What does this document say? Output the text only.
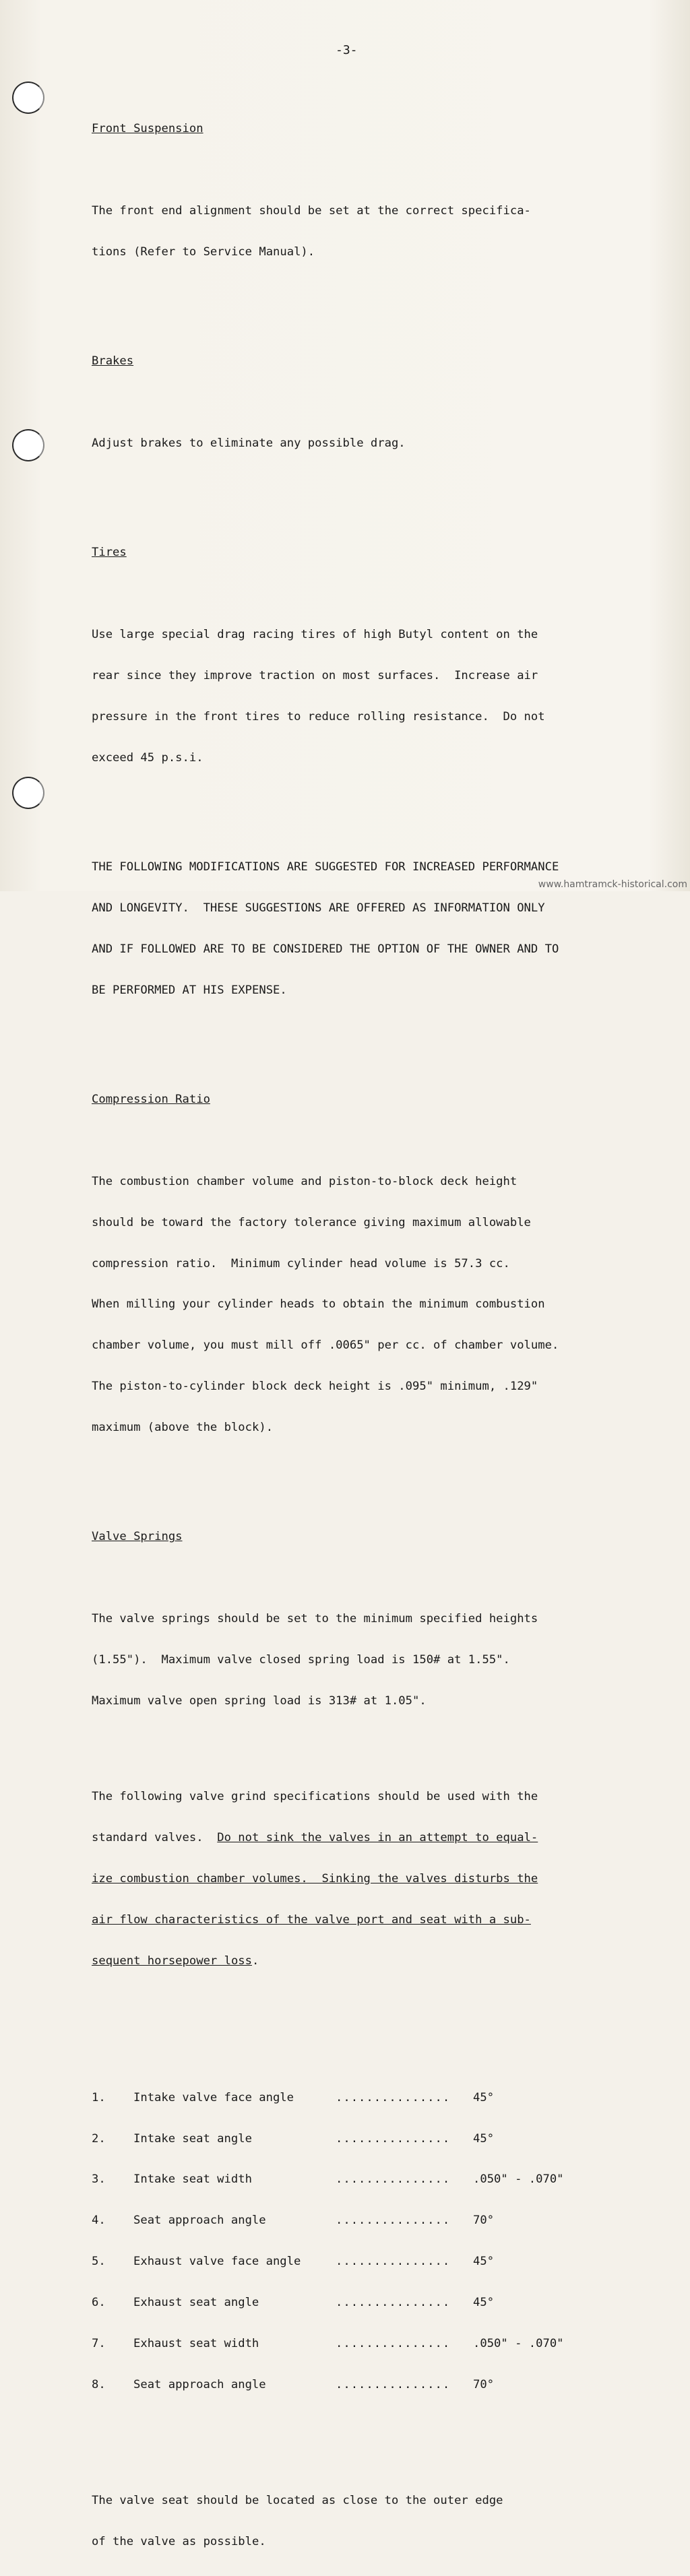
-3-

Front Suspension

The front end alignment should be set at the correct specifica-

tions (Refer to Service Manual).

Brakes

Adjust brakes to eliminate any possible drag.

Tires

Use large special drag racing tires of high Butyl content on the

rear since they improve traction on most surfaces.  Increase air

pressure in the front tires to reduce rolling resistance.  Do not

exceed 45 p.s.i.

THE FOLLOWING MODIFICATIONS ARE SUGGESTED FOR INCREASED PERFORMANCE

AND LONGEVITY.  THESE SUGGESTIONS ARE OFFERED AS INFORMATION ONLY

AND IF FOLLOWED ARE TO BE CONSIDERED THE OPTION OF THE OWNER AND TO

BE PERFORMED AT HIS EXPENSE.

Compression Ratio

The combustion chamber volume and piston-to-block deck height

should be toward the factory tolerance giving maximum allowable

compression ratio.  Minimum cylinder head volume is 57.3 cc.

When milling your cylinder heads to obtain the minimum combustion

chamber volume, you must mill off .0065" per cc. of chamber volume.

The piston-to-cylinder block deck height is .095" minimum, .129"

maximum (above the block).

Valve Springs

The valve springs should be set to the minimum specified heights

(1.55").  Maximum valve closed spring load is 150# at 1.55".

Maximum valve open spring load is 313# at 1.05".

The following valve grind specifications should be used with the

standard valves.  Do not sink the valves in an attempt to equal-

ize combustion chamber volumes.  Sinking the valves disturbs the

air flow characteristics of the valve port and seat with a sub-

sequent horsepower loss.

1.	Intake valve face angle	...............	45°

2.	Intake seat angle	...............	45°

3.	Intake seat width	...............	.050" - .070"

4.	Seat approach angle	...............	70°

5.	Exhaust valve face angle	...............	45°

6.	Exhaust seat angle	...............	45°

7.	Exhaust seat width	...............	.050" - .070"

8.	Seat approach angle	...............	70°

The valve seat should be located as close to the outer edge

of the valve as possible.

www.hamtramck-historical.com
